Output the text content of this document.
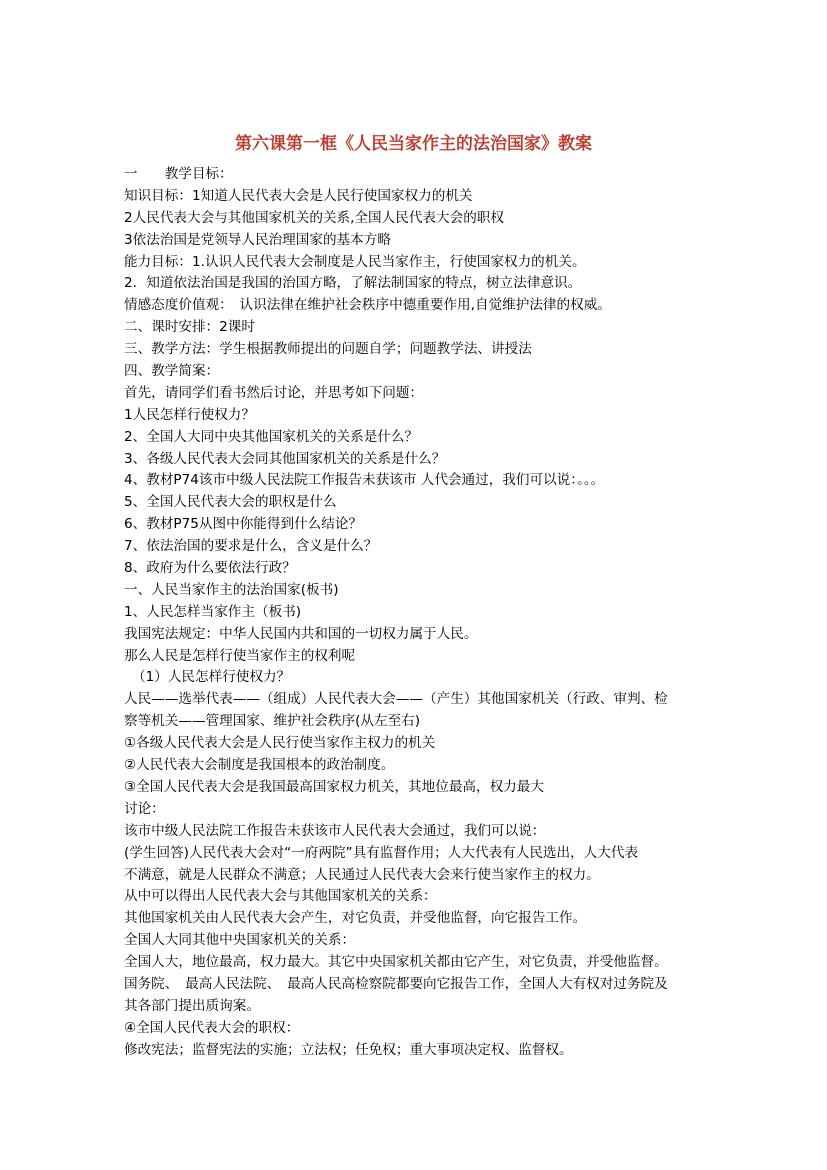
第六课第一框《人民当家作主的法治国家》教案
一　　教学目标：
知识目标：1知道人民代表大会是人民行使国家权力的机关
2人民代表大会与其他国家机关的关系,全国人民代表大会的职权
3依法治国是党领导人民治理国家的基本方略
能力目标：1.认识人民代表大会制度是人民当家作主，行使国家权力的机关。
2．知道依法治国是我国的治国方略，了解法制国家的特点，树立法律意识。
情感态度价值观：　认识法律在维护社会秩序中德重要作用,自觉维护法律的权威。
二、课时安排：2课时
三、教学方法：学生根据教师提出的问题自学；问题教学法、讲授法
四、教学简案：
首先，请同学们看书然后讨论，并思考如下问题：
1人民怎样行使权力？
2、全国人大同中央其他国家机关的关系是什么？
3、各级人民代表大会同其他国家机关的关系是什么？
4、教材P74该市中级人民法院工作报告未获该市 人代会通过，我们可以说：。。。
5、全国人民代表大会的职权是什么
6、教材P75从图中你能得到什么结论？
7、依法治国的要求是什么，含义是什么？
8、政府为什么要依法行政？
一、人民当家作主的法治国家(板书)
1、人民怎样当家作主（板书)
我国宪法规定：中华人民国内共和国的一切权力属于人民。
那么人民是怎样行使当家作主的权利呢
（1）人民怎样行使权力？
人民——选举代表——（组成）人民代表大会——（产生）其他国家机关（行政、审判、检
察等机关——管理国家、维护社会秩序(从左至右)
①各级人民代表大会是人民行使当家作主权力的机关
②人民代表大会制度是我国根本的政治制度。
③全国人民代表大会是我国最高国家权力机关，其地位最高，权力最大
讨论：
该市中级人民法院工作报告未获该市人民代表大会通过，我们可以说：
(学生回答)人民代表大会对“一府两院”具有监督作用；人大代表有人民选出，人大代表
不满意，就是人民群众不满意；人民通过人民代表大会来行使当家作主的权力。
从中可以得出人民代表大会与其他国家机关的关系：
其他国家机关由人民代表大会产生，对它负责，并受他监督，向它报告工作。
全国人大同其他中央国家机关的关系：
全国人大，地位最高，权力最大。其它中央国家机关都由它产生，对它负责，并受他监督。
国务院、　最高人民法院、　最高人民高检察院都要向它报告工作，全国人大有权对过务院及
其各部门提出质询案。
④全国人民代表大会的职权：
修改宪法；监督宪法的实施；立法权；任免权；重大事项决定权、监督权。
